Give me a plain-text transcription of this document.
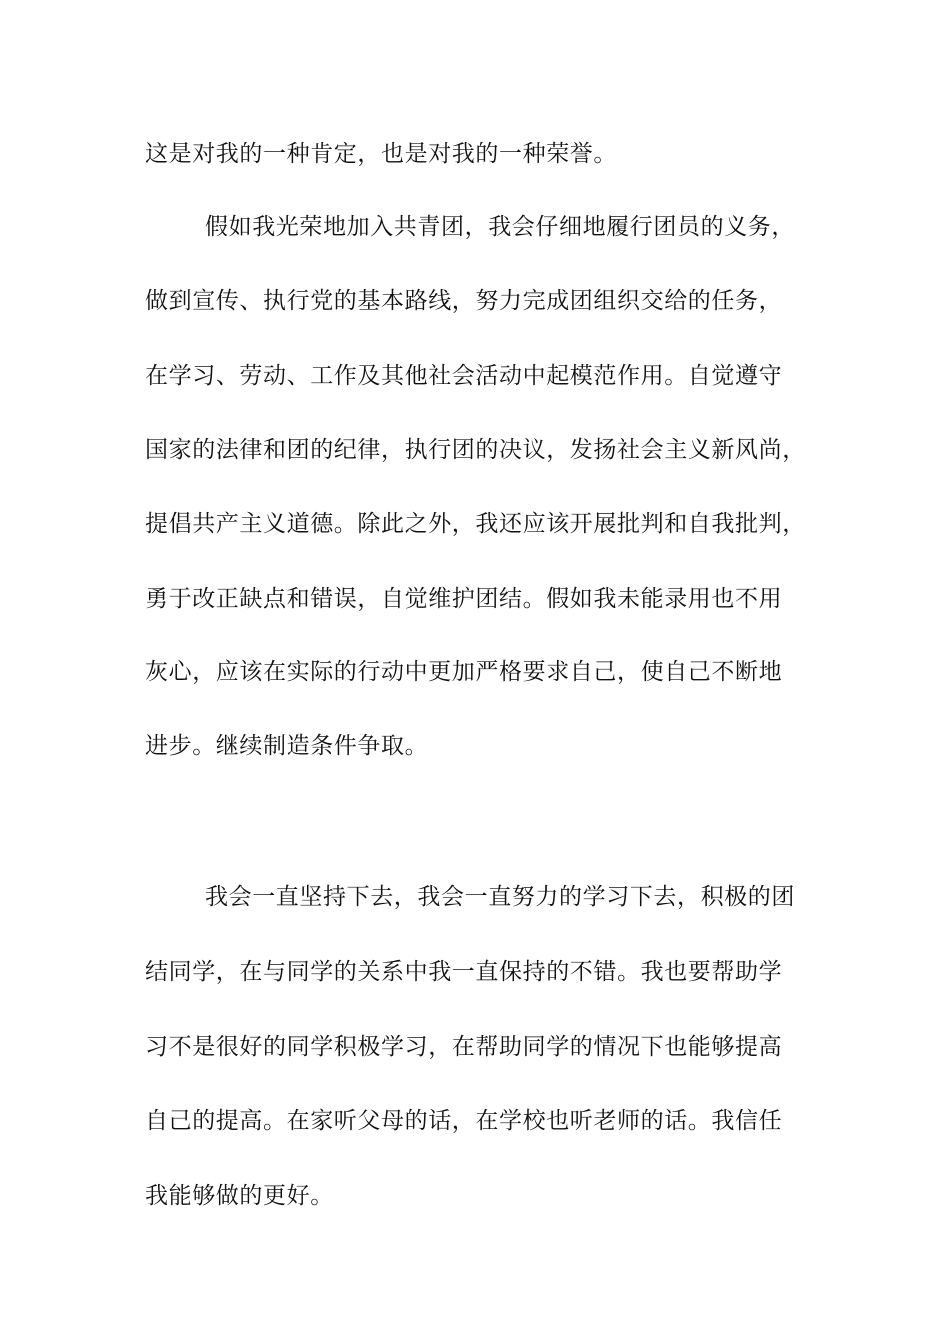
这是对我的一种肯定，也是对我的一种荣誉。
假如我光荣地加入共青团，我会仔细地履行团员的义务，
做到宣传、执行党的基本路线，努力完成团组织交给的任务，
在学习、劳动、工作及其他社会活动中起模范作用。自觉遵守
国家的法律和团的纪律，执行团的决议，发扬社会主义新风尚，
提倡共产主义道德。除此之外，我还应该开展批判和自我批判，
勇于改正缺点和错误，自觉维护团结。假如我未能录用也不用
灰心，应该在实际的行动中更加严格要求自己，使自己不断地
进步。继续制造条件争取。
我会一直坚持下去，我会一直努力的学习下去，积极的团
结同学，在与同学的关系中我一直保持的不错。我也要帮助学
习不是很好的同学积极学习，在帮助同学的情况下也能够提高
自己的提高。在家听父母的话，在学校也听老师的话。我信任
我能够做的更好。
